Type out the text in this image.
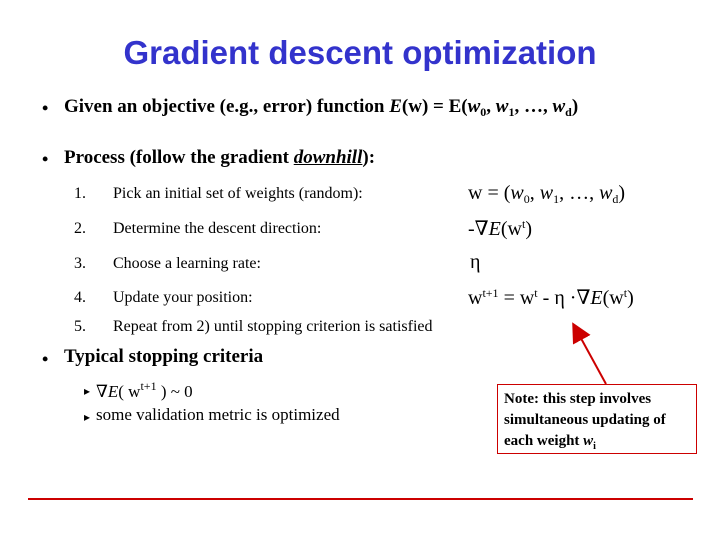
Gradient descent optimization
• Given an objective (e.g., error) function $E(w) = E(w_0$, $w_1$, …, $w_d$)
• Process (follow the gradient downhill):
1. Pick an initial set of weights (random):
2. Determine the descent direction:
3. Choose a learning rate:
4. Update your position:
5. Repeat from 2) until stopping criterion is satisfied
$w = (w_0$, $w_1$, …, $w_d$)
$-\nabla E(w^t)$
η
$w^{t+1} = w^t - \eta \cdot\nabla E(w^t)$
• Typical stopping criteria
▸ ∇E( $w^{t+1}$ ) ~ 0
▸ some validation metric is optimized
Note: this step involves
simultaneous updating of
each weight $w_i$
